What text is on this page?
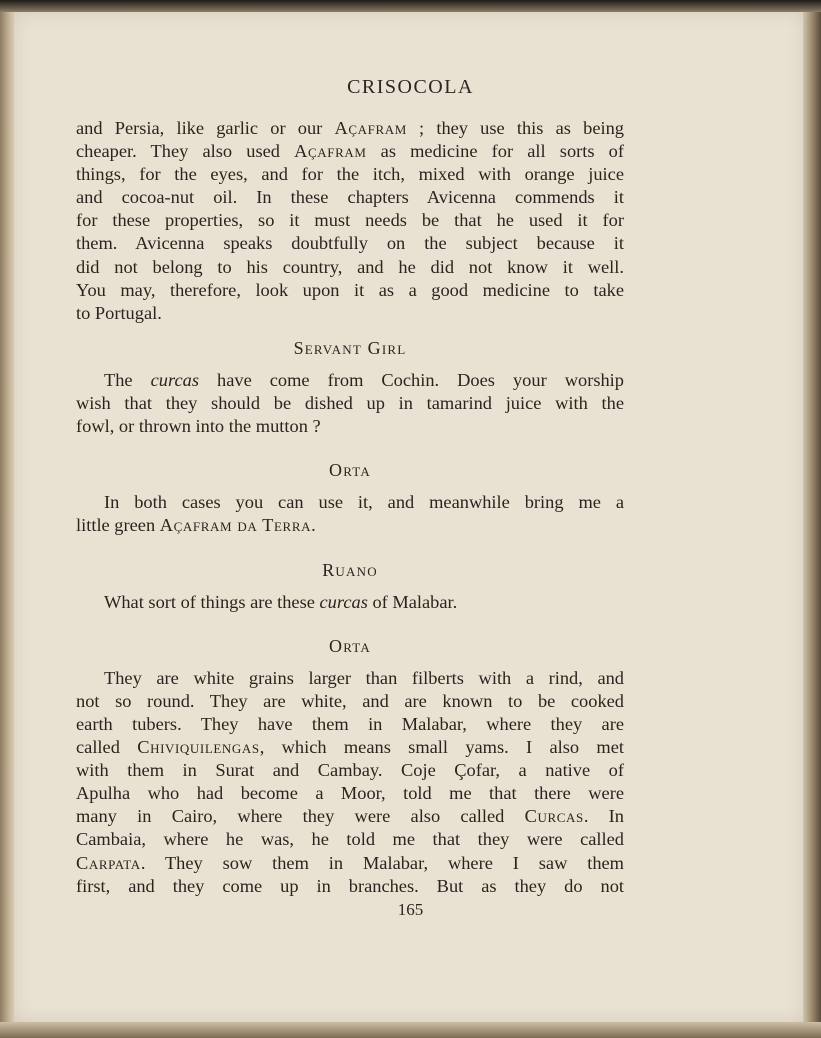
CRISOCOLA
and Persia, like garlic or our Açafram ; they use this as being
cheaper. They also used Açafram as medicine for all sorts of
things, for the eyes, and for the itch, mixed with orange juice
and cocoa-nut oil. In these chapters Avicenna commends it
for these properties, so it must needs be that he used it for
them. Avicenna speaks doubtfully on the subject because it
did not belong to his country, and he did not know it well.
You may, therefore, look upon it as a good medicine to take
to Portugal.
Servant Girl
The curcas have come from Cochin. Does your worship
wish that they should be dished up in tamarind juice with the
fowl, or thrown into the mutton ?
Orta
In both cases you can use it, and meanwhile bring me a
little green Açafram da Terra.
Ruano
What sort of things are these curcas of Malabar.
Orta
They are white grains larger than filberts with a rind, and
not so round. They are white, and are known to be cooked
earth tubers. They have them in Malabar, where they are
called Chiviquilengas, which means small yams. I also met
with them in Surat and Cambay. Coje Çofar, a native of
Apulha who had become a Moor, told me that there were
many in Cairo, where they were also called Curcas. In
Cambaia, where he was, he told me that they were called
Carpata. They sow them in Malabar, where I saw them
first, and they come up in branches. But as they do not
165
